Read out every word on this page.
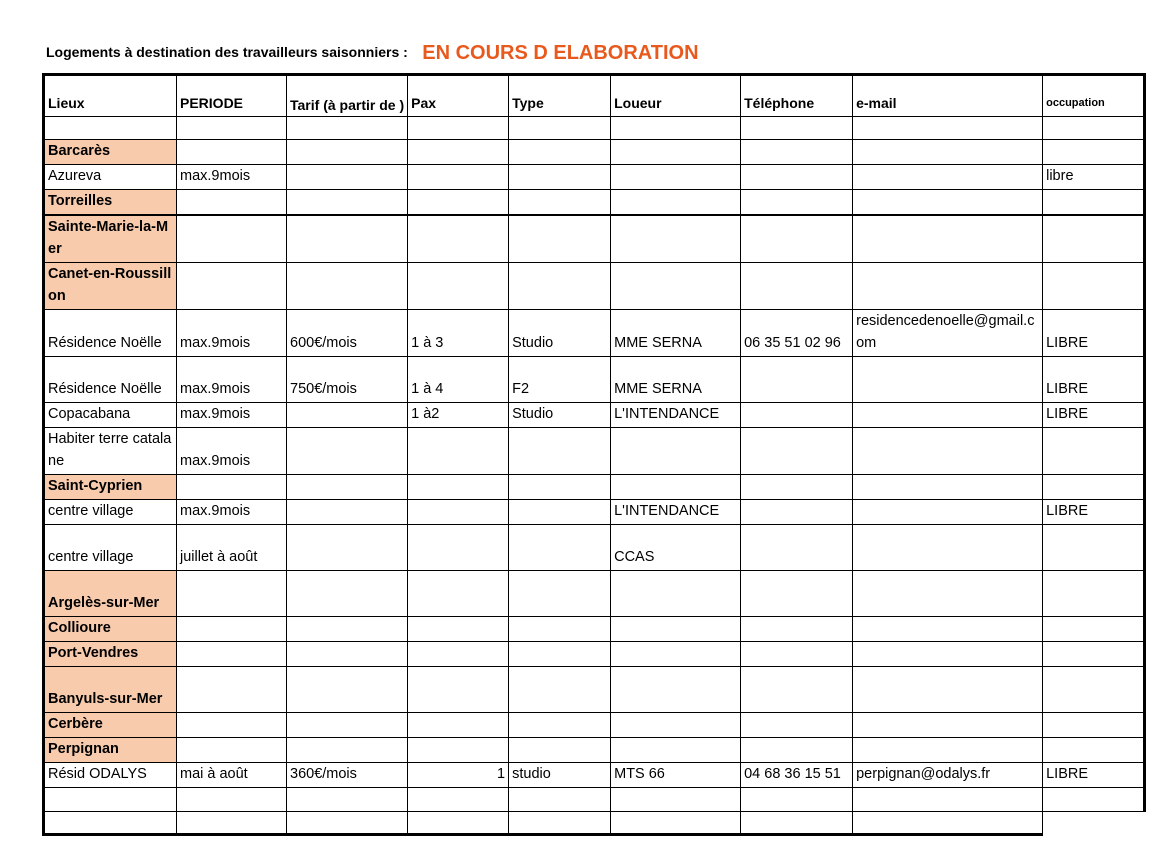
Logements à destination des travailleurs saisonniers : EN COURS D ELABORATION
Lieux	PERIODE	Tarif (à partir de )	Pax	Type	Loueur	Téléphone	e-mail	occupation

Barcarès								
Azureva	max.9mois							libre
Torreilles								
Sainte-Marie-la-Mer								
Canet-en-Roussillon								
Résidence Noëlle	max.9mois	600€/mois	1 à 3	Studio	MME SERNA	06 35 51 02 96	residencedenoelle@gmail.com	LIBRE
Résidence Noëlle	max.9mois	750€/mois	1 à 4	F2	MME SERNA			LIBRE
Copacabana	max.9mois		1 à2	Studio	L'INTENDANCE			LIBRE
Habiter terre catalane	max.9mois							
Saint-Cyprien								
centre village	max.9mois				L'INTENDANCE			LIBRE
centre village	juillet à août				CCAS			
Argelès-sur-Mer								
Collioure								
Port-Vendres								
Banyuls-sur-Mer								
Cerbère								
Perpignan								
Résid ODALYS	mai à août	360€/mois	1	studio	MTS 66	04 68 36 15 51	perpignan@odalys.fr	LIBRE
